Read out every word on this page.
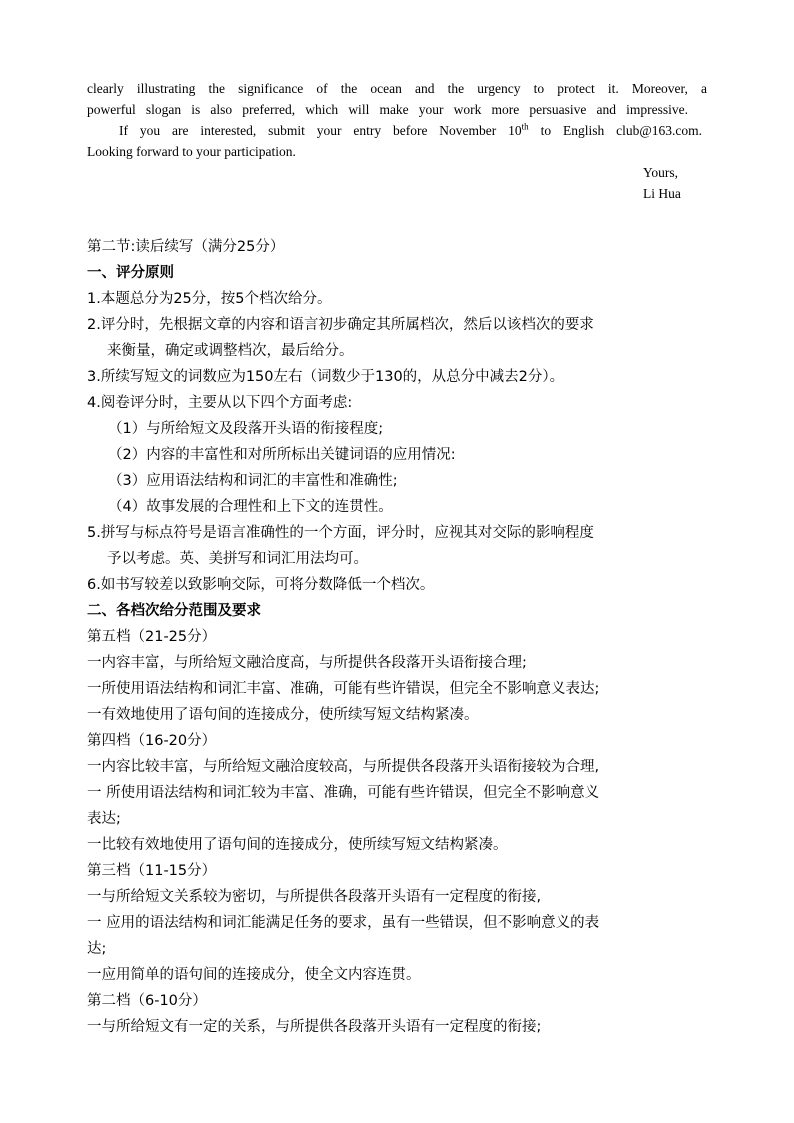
clearly illustrating the significance of the ocean and the urgency to protect it. Moreover, a
powerful slogan is also preferred, which will make your work more persuasive and impressive.
If you are interested, submit your entry before November 10th to English club@163.com.
Looking forward to your participation.
Yours,
Li Hua
第二节:读后续写（满分25分）
一、评分原则
1.本题总分为25分，按5个档次给分。
2.评分时，先根据文章的内容和语言初步确定其所属档次，然后以该档次的要求
来衡量，确定或调整档次，最后给分。
3.所续写短文的词数应为150左右（词数少于130的，从总分中减去2分）。
4.阅卷评分时，主要从以下四个方面考虑:
（1）与所给短文及段落开头语的衔接程度;
（2）内容的丰富性和对所所标出关键词语的应用情况:
（3）应用语法结构和词汇的丰富性和准确性;
（4）故事发展的合理性和上下文的连贯性。
5.拼写与标点符号是语言准确性的一个方面，评分时，应视其对交际的影响程度
予以考虑。英、美拼写和词汇用法均可。
6.如书写较差以致影响交际，可将分数降低一个档次。
二、各档次给分范围及要求
第五档（21-25分）
一内容丰富，与所给短文融洽度高，与所提供各段落开头语衔接合理;
一所使用语法结构和词汇丰富、准确，可能有些许错误，但完全不影响意义表达;
一有效地使用了语句间的连接成分，使所续写短文结构紧凑。
第四档（16-20分）
一内容比较丰富，与所给短文融洽度较高，与所提供各段落开头语衔接较为合理,
一 所使用语法结构和词汇较为丰富、准确，可能有些许错误，但完全不影响意义
表达;
一比较有效地使用了语句间的连接成分，使所续写短文结构紧凑。
第三档（11-15分）
一与所给短文关系较为密切，与所提供各段落开头语有一定程度的衔接,
一 应用的语法结构和词汇能满足任务的要求，虽有一些错误，但不影响意义的表
达;
一应用简单的语句间的连接成分，使全文内容连贯。
第二档（6-10分）
一与所给短文有一定的关系，与所提供各段落开头语有一定程度的衔接;
